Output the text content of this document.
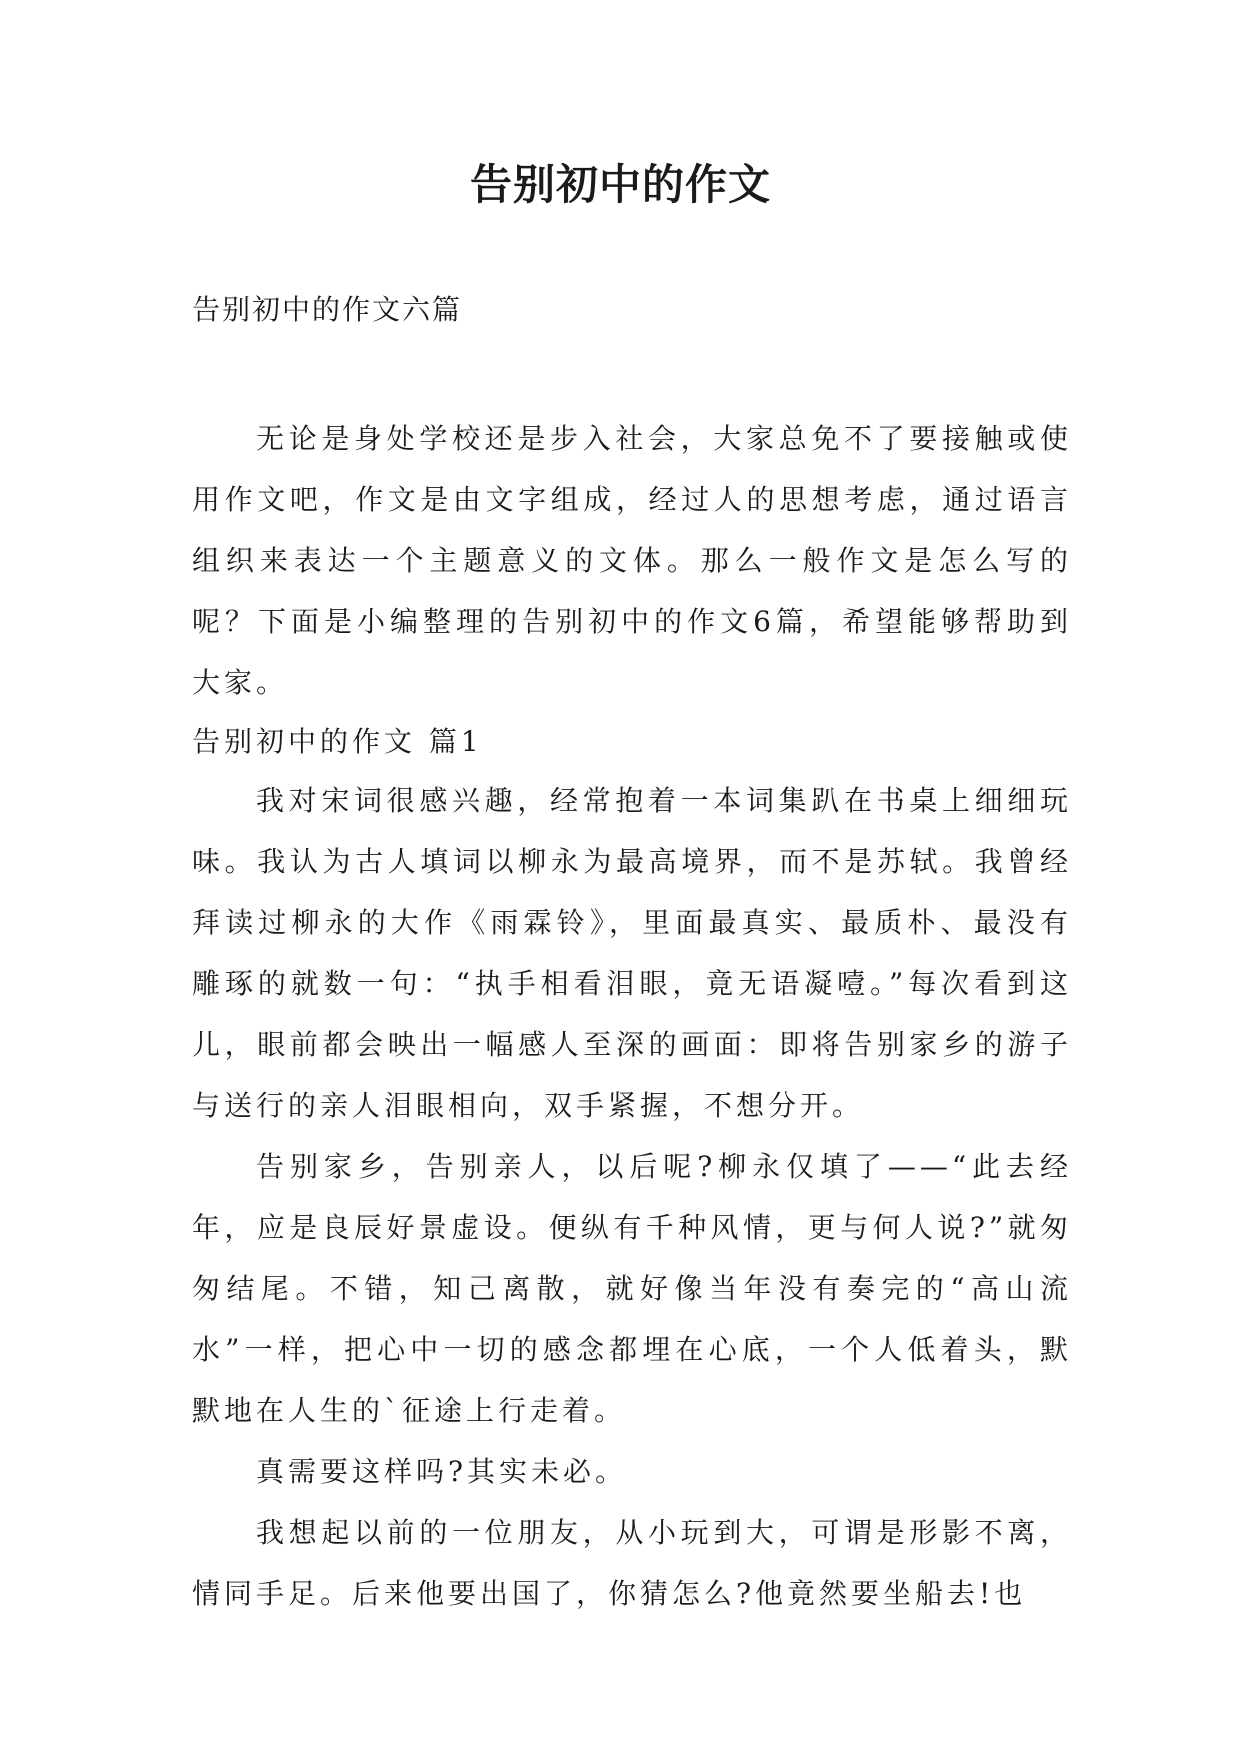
告别初中的作文

告别初中的作文六篇

无论是身处学校还是步入社会，大家总免不了要接触或使用作文吧，作文是由文字组成，经过人的思想考虑，通过语言组织来表达一个主题意义的文体。那么一般作文是怎么写的呢？下面是小编整理的告别初中的作文6篇，希望能够帮助到大家。

告别初中的作文 篇1

我对宋词很感兴趣，经常抱着一本词集趴在书桌上细细玩味。我认为古人填词以柳永为最高境界，而不是苏轼。我曾经拜读过柳永的大作《雨霖铃》，里面最真实、最质朴、最没有雕琢的就数一句：“执手相看泪眼，竟无语凝噎。”每次看到这儿，眼前都会映出一幅感人至深的画面：即将告别家乡的游子与送行的亲人泪眼相向，双手紧握，不想分开。

告别家乡，告别亲人，以后呢?柳永仅填了——“此去经年，应是良辰好景虚设。便纵有千种风情，更与何人说?”就匆匆结尾。不错，知己离散，就好像当年没有奏完的“高山流水”一样，把心中一切的感念都埋在心底，一个人低着头，默默地在人生的`征途上行走着。

真需要这样吗?其实未必。

我想起以前的一位朋友，从小玩到大，可谓是形影不离，情同手足。后来他要出国了，你猜怎么?他竟然要坐船去!也
